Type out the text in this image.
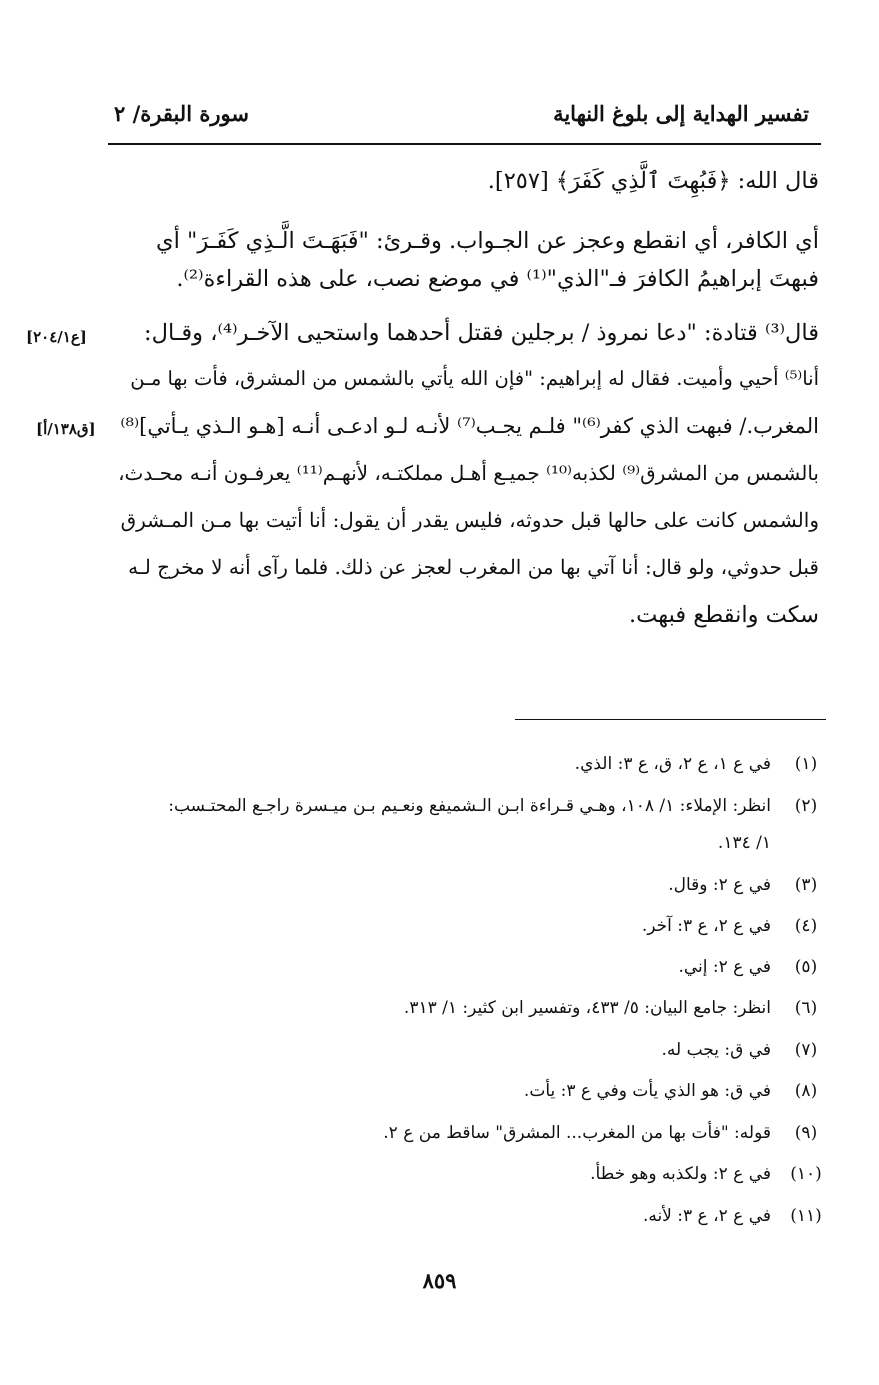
تفسير الهداية إلى بلوغ النهاية
سورة البقرة/ ٢
قال الله: ﴿فَبُهِتَ ٱلَّذِي كَفَرَ﴾ [٢٥٧].
أي الكافر، أي انقطع وعجز عن الجـواب. وقـرئ: "فَبَهَـتَ الَّـذِي كَفَـرَ" أي
فبهتَ إبراهيمُ الكافرَ فـ"الذي"⁽¹⁾ في موضع نصب، على هذه القراءة⁽²⁾.
قال⁽³⁾ قتادة: "دعا نمروذ / برجلين فقتل أحدهما واستحيى الآخـر⁽⁴⁾، وقـال:
أنا⁽⁵⁾ أحيي وأميت. فقال له إبراهيم: "فإن الله يأتي بالشمس من المشرق، فأت بها مـن
المغرب./ فبهت الذي كفر⁽⁶⁾" فلـم يجـب⁽⁷⁾ لأنـه لـو ادعـى أنـه [هـو الـذي يـأتي]⁽⁸⁾
بالشمس من المشرق⁽⁹⁾ لكذبه⁽¹⁰⁾ جميـع أهـل مملكتـه، لأنهـم⁽¹¹⁾ يعرفـون أنـه محـدث،
والشمس كانت على حالها قبل حدوثه، فليس يقدر أن يقول: أنا أتيت بها مـن المـشرق
قبل حدوثي، ولو قال: أنا آتي بها من المغرب لعجز عن ذلك. فلما رآى أنه لا مخرج لـه
سكت وانقطع فبهت.
[ع٢٠٤/١]
[ق١٣٨/أ]
(١)
في ع ١، ع ٢، ق، ع ٣: الذي.
(٢)
انظر: الإملاء: ١/ ١٠٨، وهـي قـراءة ابـن الـشميفع ونعـيم بـن ميـسرة راجـع المحتـسب:
١/ ١٣٤.
(٣)
في ع ٢: وقال.
(٤)
في ع ٢، ع ٣: آخر.
(٥)
في ع ٢: إني.
(٦)
انظر: جامع البيان: ٥/ ٤٣٣، وتفسير ابن كثير: ١/ ٣١٣.
(٧)
في ق: يجب له.
(٨)
في ق: هو الذي يأت وفي ع ٣: يأت.
(٩)
قوله: "فأت بها من المغرب... المشرق" ساقط من ع ٢.
(١٠)
في ع ٢: ولكذبه وهو خطأ.
(١١)
في ع ٢، ع ٣: لأنه.
٨٥٩
